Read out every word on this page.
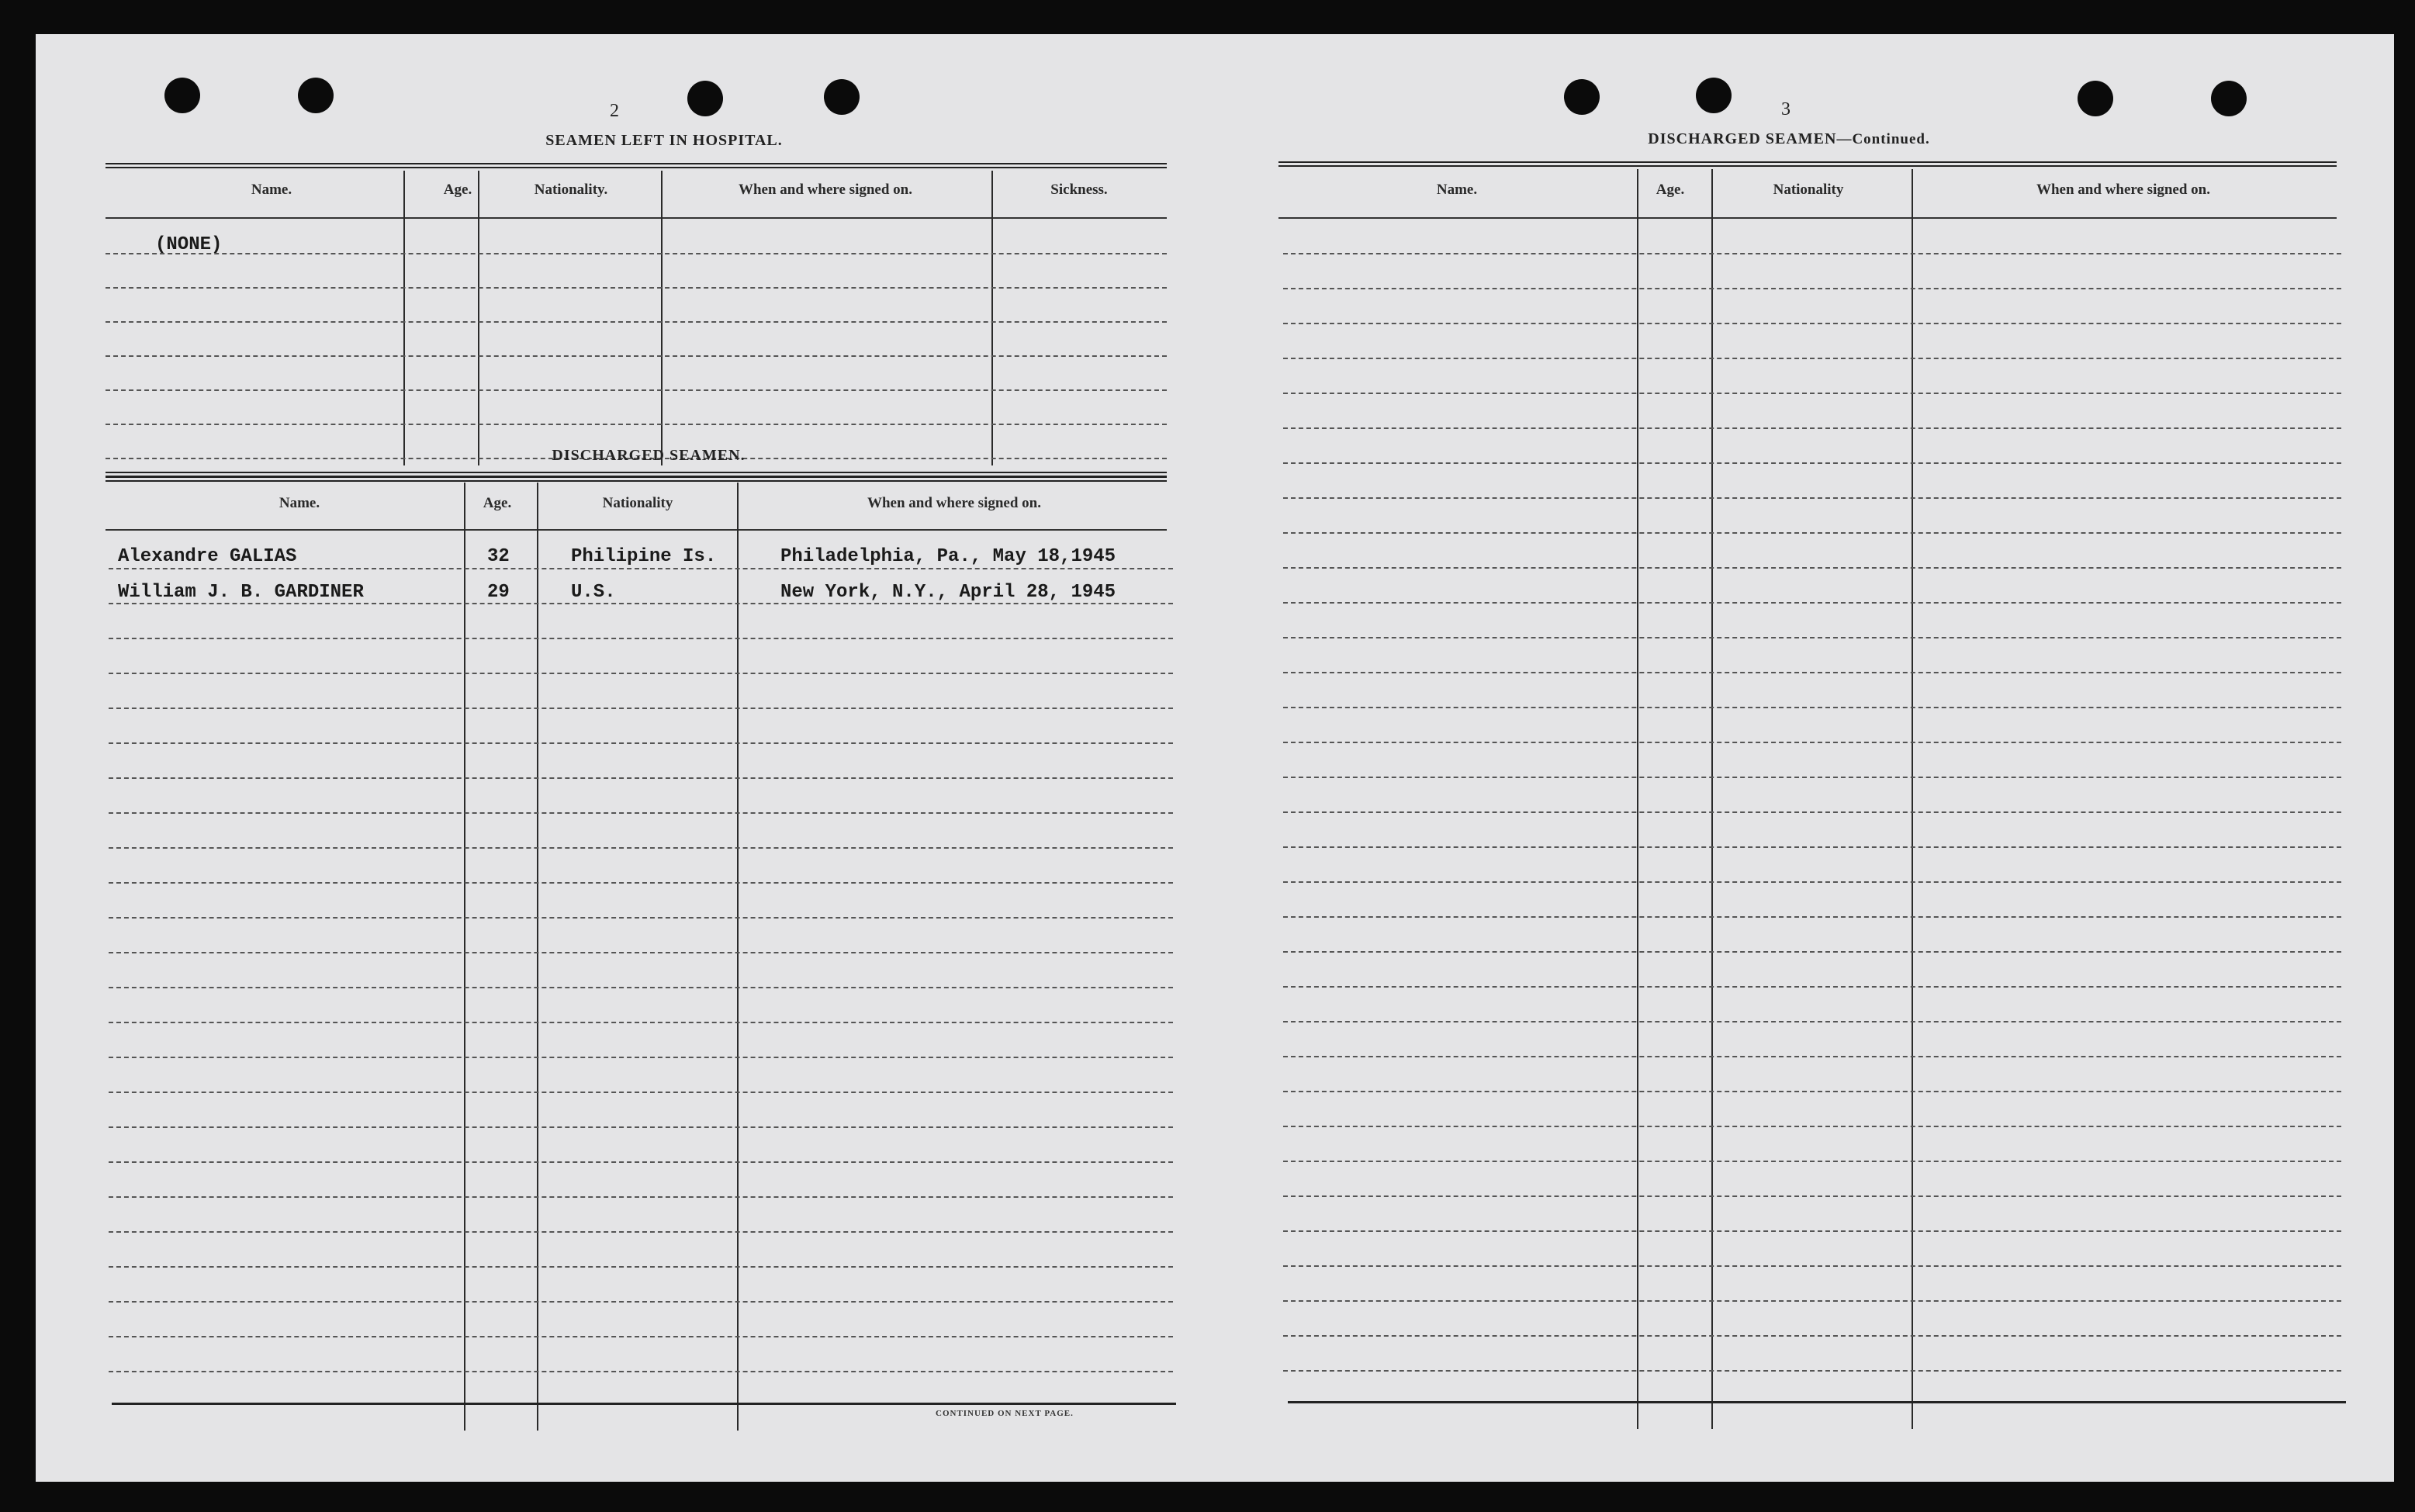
2
SEAMEN LEFT IN HOSPITAL.
Name.	Age.	Nationality.	When and where signed on.	Sickness.
(NONE)
DISCHARGED SEAMEN.
Name.	Age.	Nationality	When and where signed on.
Alexandre GALIAS	32	Philipine Is.	Philadelphia, Pa., May 18,1945
William J. B. GARDINER	29	U.S.	New York, N.Y., April 28, 1945
CONTINUED ON NEXT PAGE.
3
DISCHARGED SEAMEN—Continued.
Name.	Age.	Nationality	When and where signed on.
